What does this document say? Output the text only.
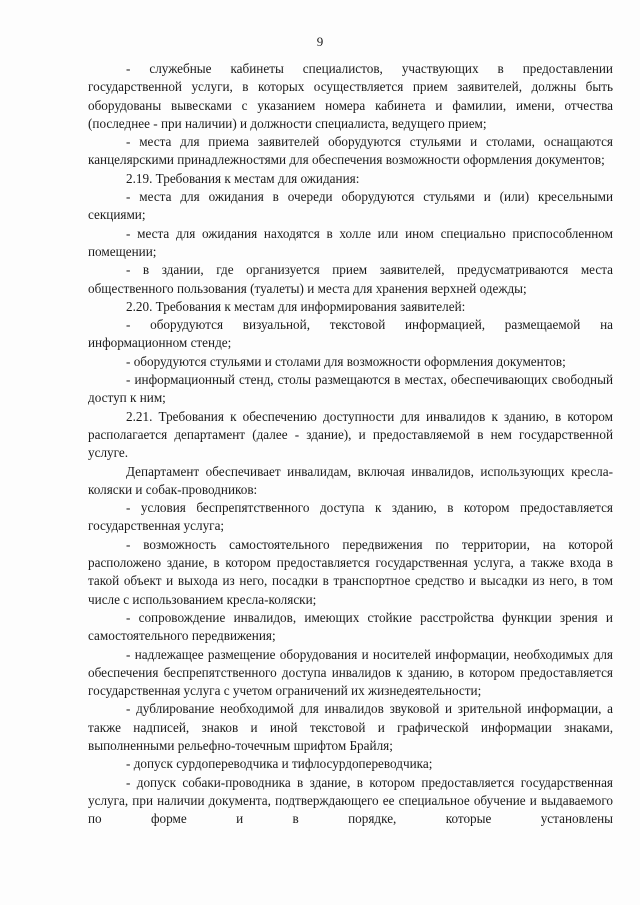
9

- служебные кабинеты специалистов, участвующих в предоставлении государственной услуги, в которых осуществляется прием заявителей, должны быть оборудованы вывесками с указанием номера кабинета и фамилии, имени, отчества (последнее - при наличии) и должности специалиста, ведущего прием;

- места для приема заявителей оборудуются стульями и столами, оснащаются канцелярскими принадлежностями для обеспечения возможности оформления документов;

2.19. Требования к местам для ожидания:

- места для ожидания в очереди оборудуются стульями и (или) кресельными секциями;

- места для ожидания находятся в холле или ином специально приспособленном помещении;

- в здании, где организуется прием заявителей, предусматриваются места общественного пользования (туалеты) и места для хранения верхней одежды;

2.20. Требования к местам для информирования заявителей:

- оборудуются визуальной, текстовой информацией, размещаемой на информационном стенде;

- оборудуются стульями и столами для возможности оформления документов;

- информационный стенд, столы размещаются в местах, обеспечивающих свободный доступ к ним;

2.21. Требования к обеспечению доступности для инвалидов к зданию, в котором располагается департамент (далее - здание), и предоставляемой в нем государственной услуге.

Департамент обеспечивает инвалидам, включая инвалидов, использующих кресла-коляски и собак-проводников:

- условия беспрепятственного доступа к зданию, в котором предоставляется государственная услуга;

- возможность самостоятельного передвижения по территории, на которой расположено здание, в котором предоставляется государственная услуга, а также входа в такой объект и выхода из него, посадки в транспортное средство и высадки из него, в том числе с использованием кресла-коляски;

- сопровождение инвалидов, имеющих стойкие расстройства функции зрения и самостоятельного передвижения;

- надлежащее размещение оборудования и носителей информации, необходимых для обеспечения беспрепятственного доступа инвалидов к зданию, в котором предоставляется государственная услуга с учетом ограничений их жизнедеятельности;

- дублирование необходимой для инвалидов звуковой и зрительной информации, а также надписей, знаков и иной текстовой и графической информации знаками, выполненными рельефно-точечным шрифтом Брайля;

- допуск сурдопереводчика и тифлосурдопереводчика;

- допуск собаки-проводника в здание, в котором предоставляется государственная услуга, при наличии документа, подтверждающего ее специальное обучение и выдаваемого по форме и в порядке, которые установлены
